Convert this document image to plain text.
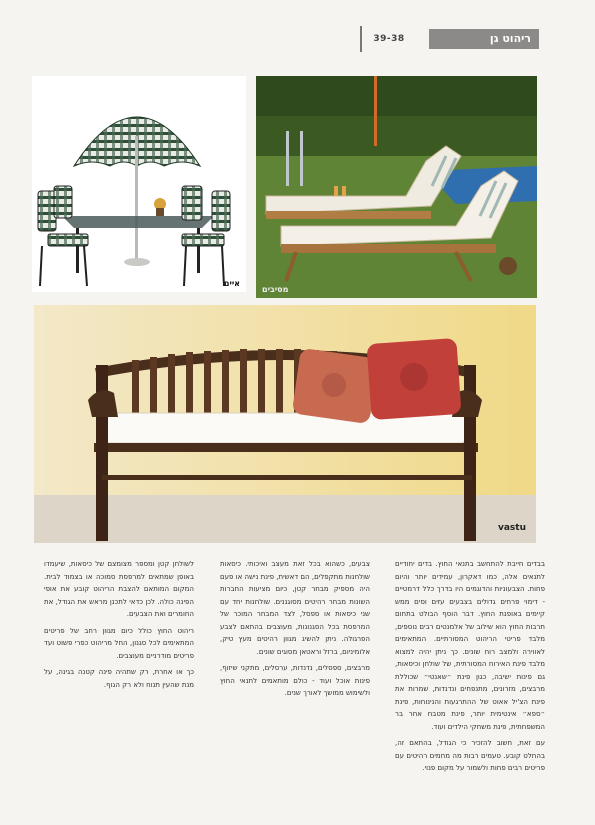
39-38	ריהוט גן
איים
מסיבים
vastu

בבדים חייבת להתחשב בתנאי החוץ. בדים יחודיים לתנאים אלה, כמו דאקרון, עמידים יותר והיום פחות. הצבעוניות והדוגמים היו בדרך כלל דרמטיים - דימוי פרחים גדולים בצבעים עזים וסים ממש קיימים באופנת החוץ. דבר הוסף הבולט בתחום תרבות החוץ הוא שילוב של אלמנטים רבים נוספים, מלבד פריטי הריהוט המסורתיים. המתאימים לאווירה ולמצב רוח שונים. כך ניתן יהיה למצוא מלבד פינת האירוח המסורתית, של שולחן וכיסאות, גם פינות ישיבה, כגון פינת ״שאנטי״ שכוללת מרבצים, מזרונים, מתנפחים ונדנדות, שמרות את פינת הצ'יל אאוט של ההתרגעות והנינוחות, פינת ״ספא״ אינטימית יותר, פינת מטבח אחר בר המשפחתית, פינת משחקי הילדים ועוד.

עם זאת, חשוב להזכיר כי הגודל, בהתאם זה, בהחלט קובע. טעמים רבות מה מחמים רהיטים עם פריטים רבים פחות ולשמור על מקום פנוי.

צבעים, כשהוא בכל זאת מעצב ואיכותי. כיסאות שולחנות מתקפלים, הם דאשית, פינת נישה או פעם היה מספיק מבחר קטן, כיום מציעות החברות השונות מבחר רהיטים מסוגננים. שולחנות יחד עם שני כיסאות או ספסל, לצד המבחר המוכר של המרפסת בכל הסגנונות, מעוצבים בהתאם לצבע הפרגולה. ניתן להשיג מגוון רהיטים מעץ טיק, אלומיניום, ברזל וראטאן מסוגים שונים.

מרבצים, ספסלים, נדנדות, ערסלים, מתקני שיזוף, פינות אוכל ועוד - כולם מותאמים לתנאי החוץ ולשימוש ממושך לאורך שנים.

לשולחן קטן ומספר מצומצם של כיסאות, שיעמדו באופן שמתאים למרפסת סמוכה או בצמוד לבית. המקום המותאם להצבת הריהוט קובע את אופי הפינה כולה. לכן כדאי לתכנן מראש את הגודל, את החומרים ואת הצבעים.

ריהוט החוץ כולל כיום מגוון רחב של פריטים המתאימים לכל סגנון, החל מריהוט כפרי פשוט ועד פריטים מודרניים מעוצבים.

כך או אחרת, רק שתהיה פינה קטנה בגינה, על מנת שהעין תנוח ולא רק הגוף.
